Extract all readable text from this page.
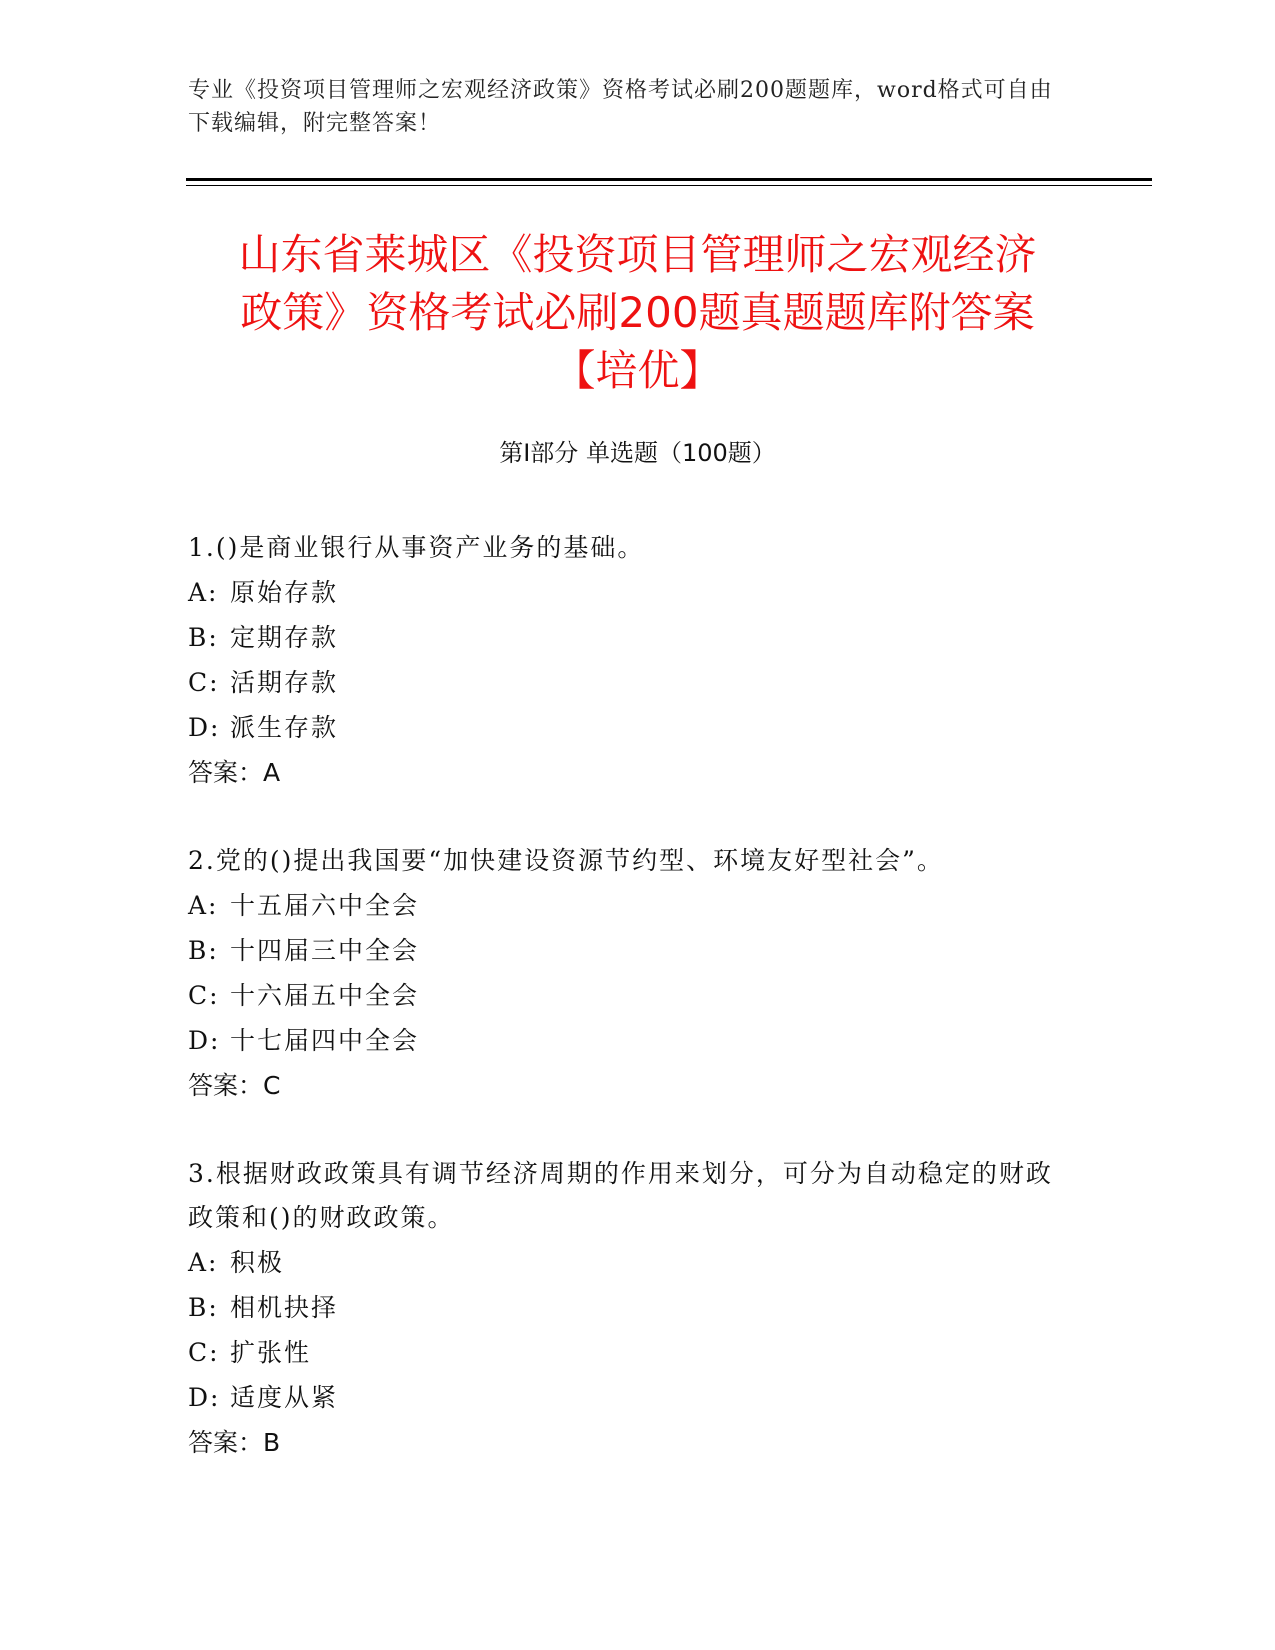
专业《投资项目管理师之宏观经济政策》资格考试必刷200题题库，word格式可自由下载编辑，附完整答案！
山东省莱城区《投资项目管理师之宏观经济
政策》资格考试必刷200题真题题库附答案
【培优】
第Ⅰ部分 单选题（100题）
1.()是商业银行从事资产业务的基础。
A: 原始存款
B: 定期存款
C: 活期存款
D: 派生存款
答案：A
2.党的()提出我国要“加快建设资源节约型、环境友好型社会”。
A: 十五届六中全会
B: 十四届三中全会
C: 十六届五中全会
D: 十七届四中全会
答案：C
3.根据财政政策具有调节经济周期的作用来划分，可分为自动稳定的财政政策和()的财政政策。
A: 积极
B: 相机抉择
C: 扩张性
D: 适度从紧
答案：B
